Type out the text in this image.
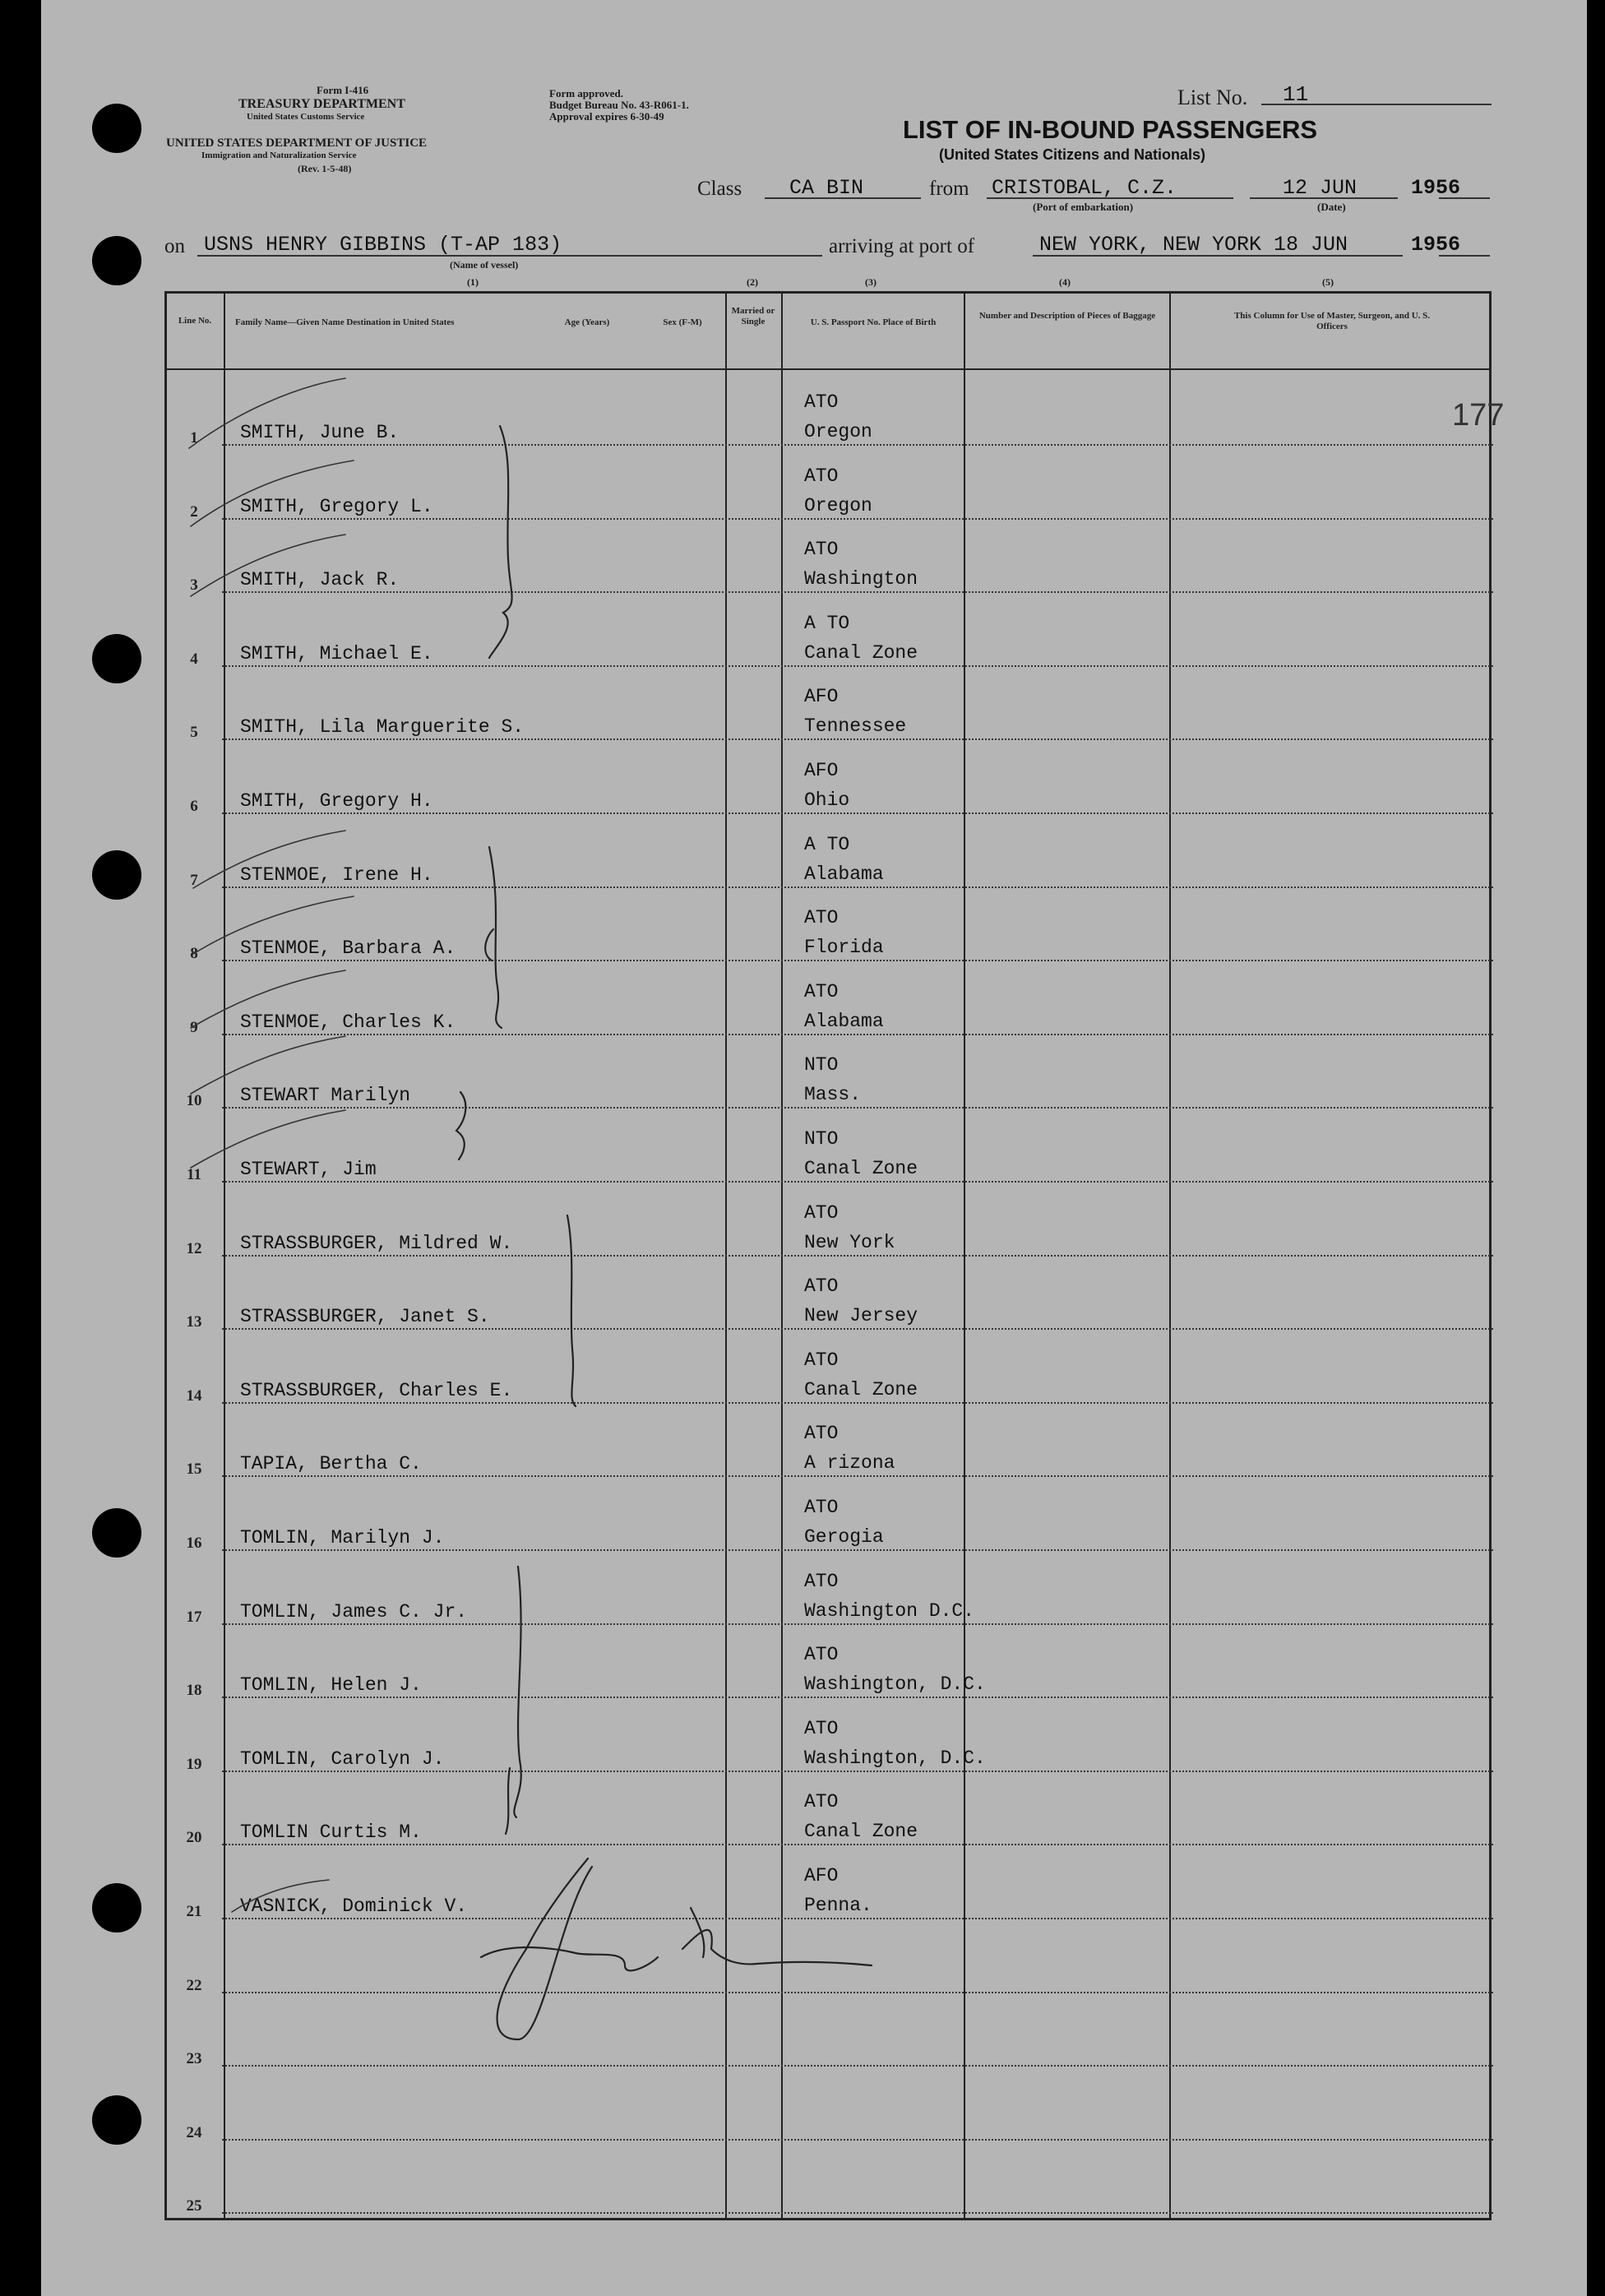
Form I-416
TREASURY DEPARTMENT
United States Customs Service
UNITED STATES DEPARTMENT OF JUSTICE
Immigration and Naturalization Service
(Rev. 1-5-48)
Form approved.
Budget Bureau No. 43-R061-1.
Approval expires 6-30-49
List No. 11
LIST OF IN-BOUND PASSENGERS
(United States Citizens and Nationals)
Class CA BIN	from CRISTOBAL, C.Z.
(Port of embarkation)
12 JUN
(Date)
1956
on USNS HENRY GIBBINS (T-AP 183)
(Name of vessel)
(1)
arriving at port of	NEW YORK, NEW YORK 18 JUN	1956
(2)	(3)	(4)	(5)
Line No.	Family Name—Given Name Destination in United States	Age (Years)	Sex (F-M)
Married or Single	U. S. Passport No. Place of Birth
Number and Description of Pieces of Baggage	This Column for Use of Master, Surgeon, and U. S. Officers
177
1	SMITH, June B.
ATO
Oregon
2	SMITH, Gregory L.
ATO
Oregon
3	SMITH, Jack R.
ATO
Washington
4	SMITH, Michael E.
A TO
Canal Zone
5	SMITH, Lila Marguerite S.
AFO
Tennessee
6	SMITH, Gregory H.
AFO
Ohio
7	STENMOE, Irene H.
A TO
Alabama
8	STENMOE, Barbara A.
ATO
Florida
9	STENMOE, Charles K.
ATO
Alabama
10	STEWART Marilyn
NTO
Mass.
11	STEWART, Jim
NTO
Canal Zone
12	STRASSBURGER, Mildred W.
ATO
New York
13	STRASSBURGER, Janet S.
ATO
New Jersey
14	STRASSBURGER, Charles E.
ATO
Canal Zone
15	TAPIA, Bertha C.
ATO
A rizona
16	TOMLIN, Marilyn J.
ATO
Gerogia
17	TOMLIN, James C. Jr.
ATO
Washington D.C.
18	TOMLIN, Helen J.
ATO
Washington, D.C.
19	TOMLIN, Carolyn J.
ATO
Washington, D.C.
20	TOMLIN Curtis M.
ATO
Canal Zone
21	VASNICK, Dominick V.
AFO
Penna.
22
23
24
25
